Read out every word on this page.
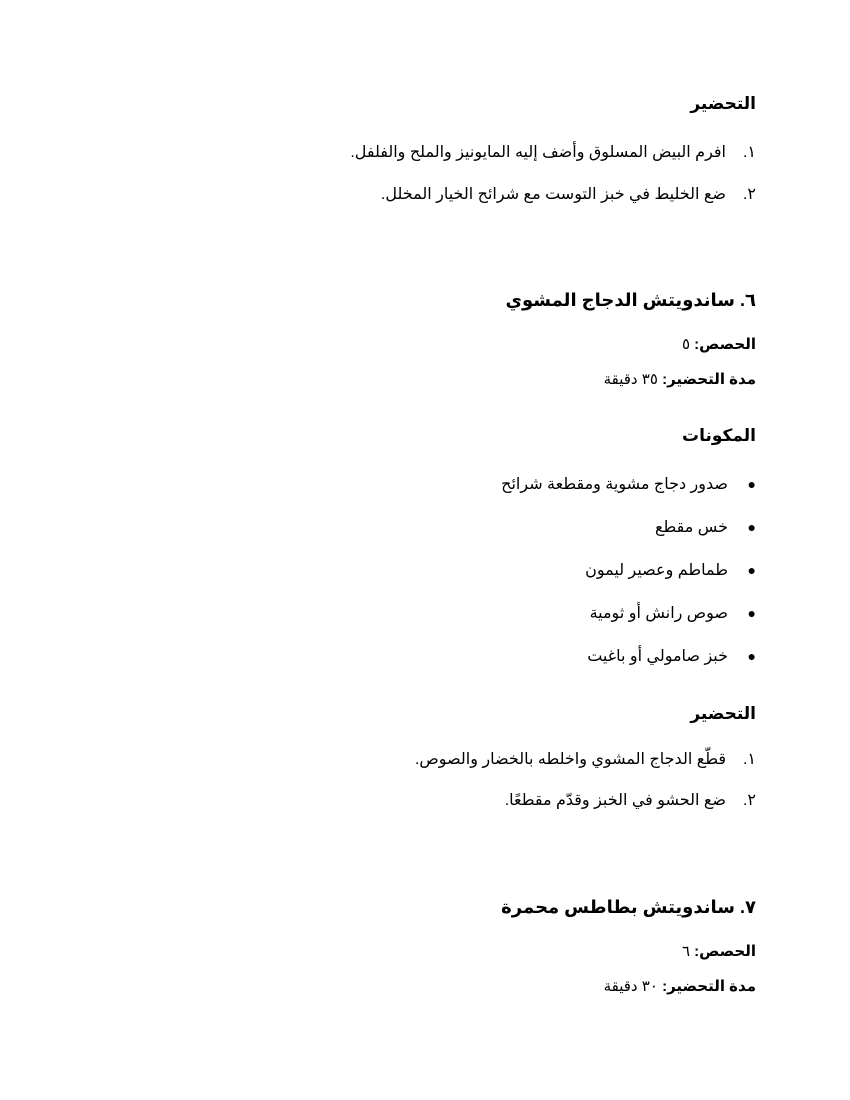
التحضير
١.افرم البيض المسلوق وأضف إليه المايونيز والملح والفلفل.
٢.ضع الخليط في خبز التوست مع شرائح الخيار المخلل.
٦. ساندويتش الدجاج المشوي
الحصص: ٥
مدة التحضير: ٣٥ دقيقة
المكونات
●صدور دجاج مشوية ومقطعة شرائح
●خس مقطع
●طماطم وعصير ليمون
●صوص رانش أو ثومية
●خبز صامولي أو باغيت
التحضير
١.قطّع الدجاج المشوي واخلطه بالخضار والصوص.
٢.ضع الحشو في الخبز وقدّم مقطعًا.
٧. ساندويتش بطاطس محمرة
الحصص: ٦
مدة التحضير: ٣٠ دقيقة
